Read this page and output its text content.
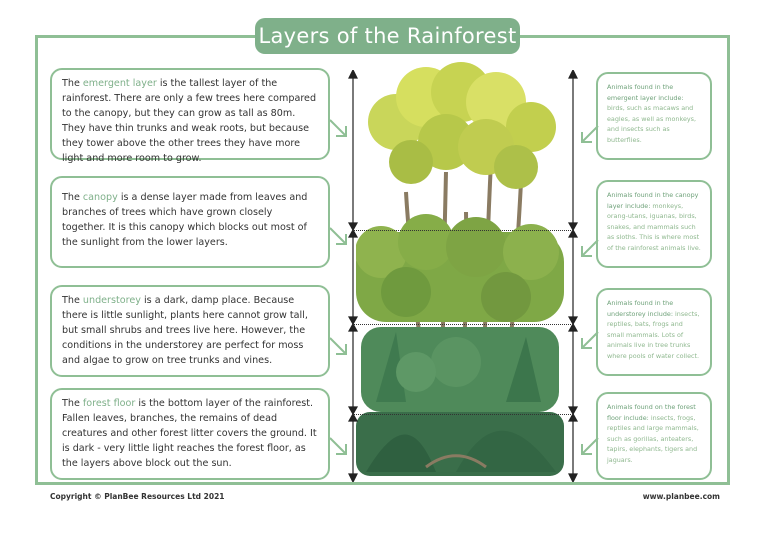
Layers of the Rainforest
The emergent layer is the tallest layer of the rainforest. There are only a few trees here compared to the canopy, but they can grow as tall as 80m. They have thin trunks and weak roots, but because they tower above the other trees they have more light and more room to grow.
The canopy is a dense layer made from leaves and branches of trees which have grown closely together. It is this canopy which blocks out most of the sunlight from the lower layers.
The understorey is a dark, damp place. Because there is little sunlight, plants here cannot grow tall, but small shrubs and trees live here. However, the conditions in the understorey are perfect for moss and algae to grow on tree trunks and vines.
The forest floor is the bottom layer of the rainforest. Fallen leaves, branches, the remains of dead creatures and other forest litter covers the ground. It is dark - very little light reaches the forest floor, as the layers above block out the sun.
Animals found in the emergent layer include: birds, such as macaws and eagles, as well as monkeys, and insects such as butterflies.
Animals found in the canopy layer include: monkeys, orang-utans, iguanas, birds, snakes, and mammals such as sloths. This is where most of the rainforest animals live.
Animals found in the understorey include: insects, reptiles, bats, frogs and small mammals. Lots of animals live in tree trunks where pools of water collect.
Animals found on the forest floor include: insects, frogs, reptiles and large mammals, such as gorillas, anteaters, tapirs, elephants, tigers and jaguars.
Copyright © PlanBee Resources Ltd 2021	www.planbee.com
